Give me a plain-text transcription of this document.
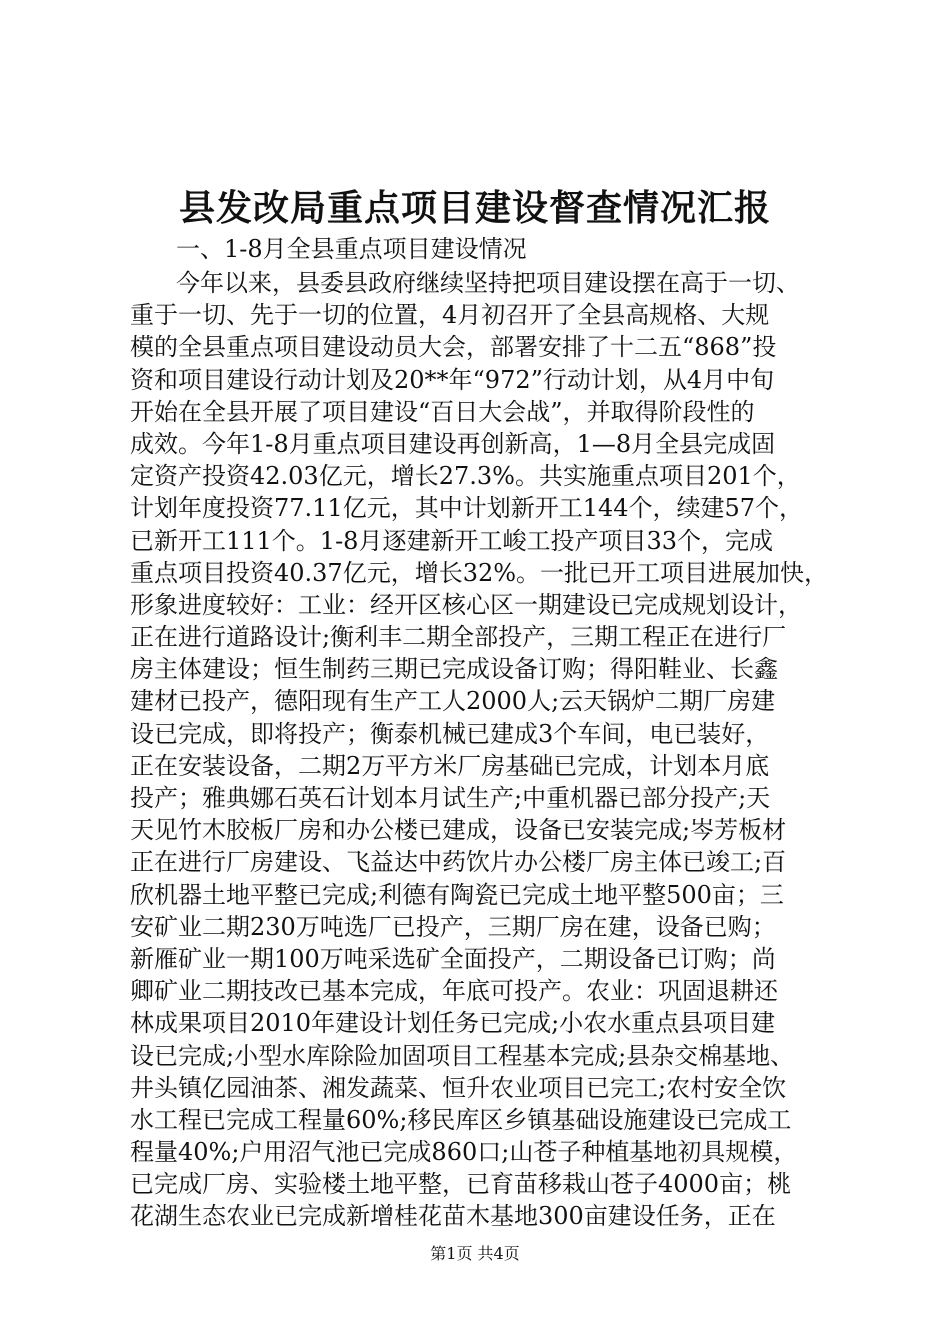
县发改局重点项目建设督查情况汇报
一、1-8月全县重点项目建设情况
今年以来，县委县政府继续坚持把项目建设摆在高于一切、
重于一切、先于一切的位置，4月初召开了全县高规格、大规
模的全县重点项目建设动员大会，部署安排了十二五“868”投
资和项目建设行动计划及20**年“972”行动计划，从4月中旬
开始在全县开展了项目建设“百日大会战”，并取得阶段性的
成效。今年1-8月重点项目建设再创新高，1—8月全县完成固
定资产投资42.03亿元，增长27.3%。共实施重点项目201个，
计划年度投资77.11亿元，其中计划新开工144个，续建57个，
已新开工111个。1-8月逐建新开工峻工投产项目33个，完成
重点项目投资40.37亿元，增长32%。一批已开工项目进展加快，
形象进度较好：工业：经开区核心区一期建设已完成规划设计，
正在进行道路设计;衡利丰二期全部投产，三期工程正在进行厂
房主体建设；恒生制药三期已完成设备订购；得阳鞋业、长鑫
建材已投产，德阳现有生产工人2000人;云天锅炉二期厂房建
设已完成，即将投产；衡泰机械已建成3个车间，电已装好，
正在安装设备，二期2万平方米厂房基础已完成，计划本月底
投产；雅典娜石英石计划本月试生产;中重机器已部分投产;天
天见竹木胶板厂房和办公楼已建成，设备已安装完成;岑芳板材
正在进行厂房建设、飞益达中药饮片办公楼厂房主体已竣工;百
欣机器土地平整已完成;利德有陶瓷已完成土地平整500亩；三
安矿业二期230万吨选厂已投产，三期厂房在建，设备已购；
新雁矿业一期100万吨采选矿全面投产，二期设备已订购；尚
卿矿业二期技改已基本完成，年底可投产。农业：巩固退耕还
林成果项目2010年建设计划任务已完成;小农水重点县项目建
设已完成;小型水库除险加固项目工程基本完成;县杂交棉基地、
井头镇亿园油茶、湘发蔬菜、恒升农业项目已完工;农村安全饮
水工程已完成工程量60%;移民库区乡镇基础设施建设已完成工
程量40%;户用沼气池已完成860口;山苍子种植基地初具规模，
已完成厂房、实验楼土地平整，已育苗移栽山苍子4000亩；桃
花湖生态农业已完成新增桂花苗木基地300亩建设任务，正在
第1页 共4页
